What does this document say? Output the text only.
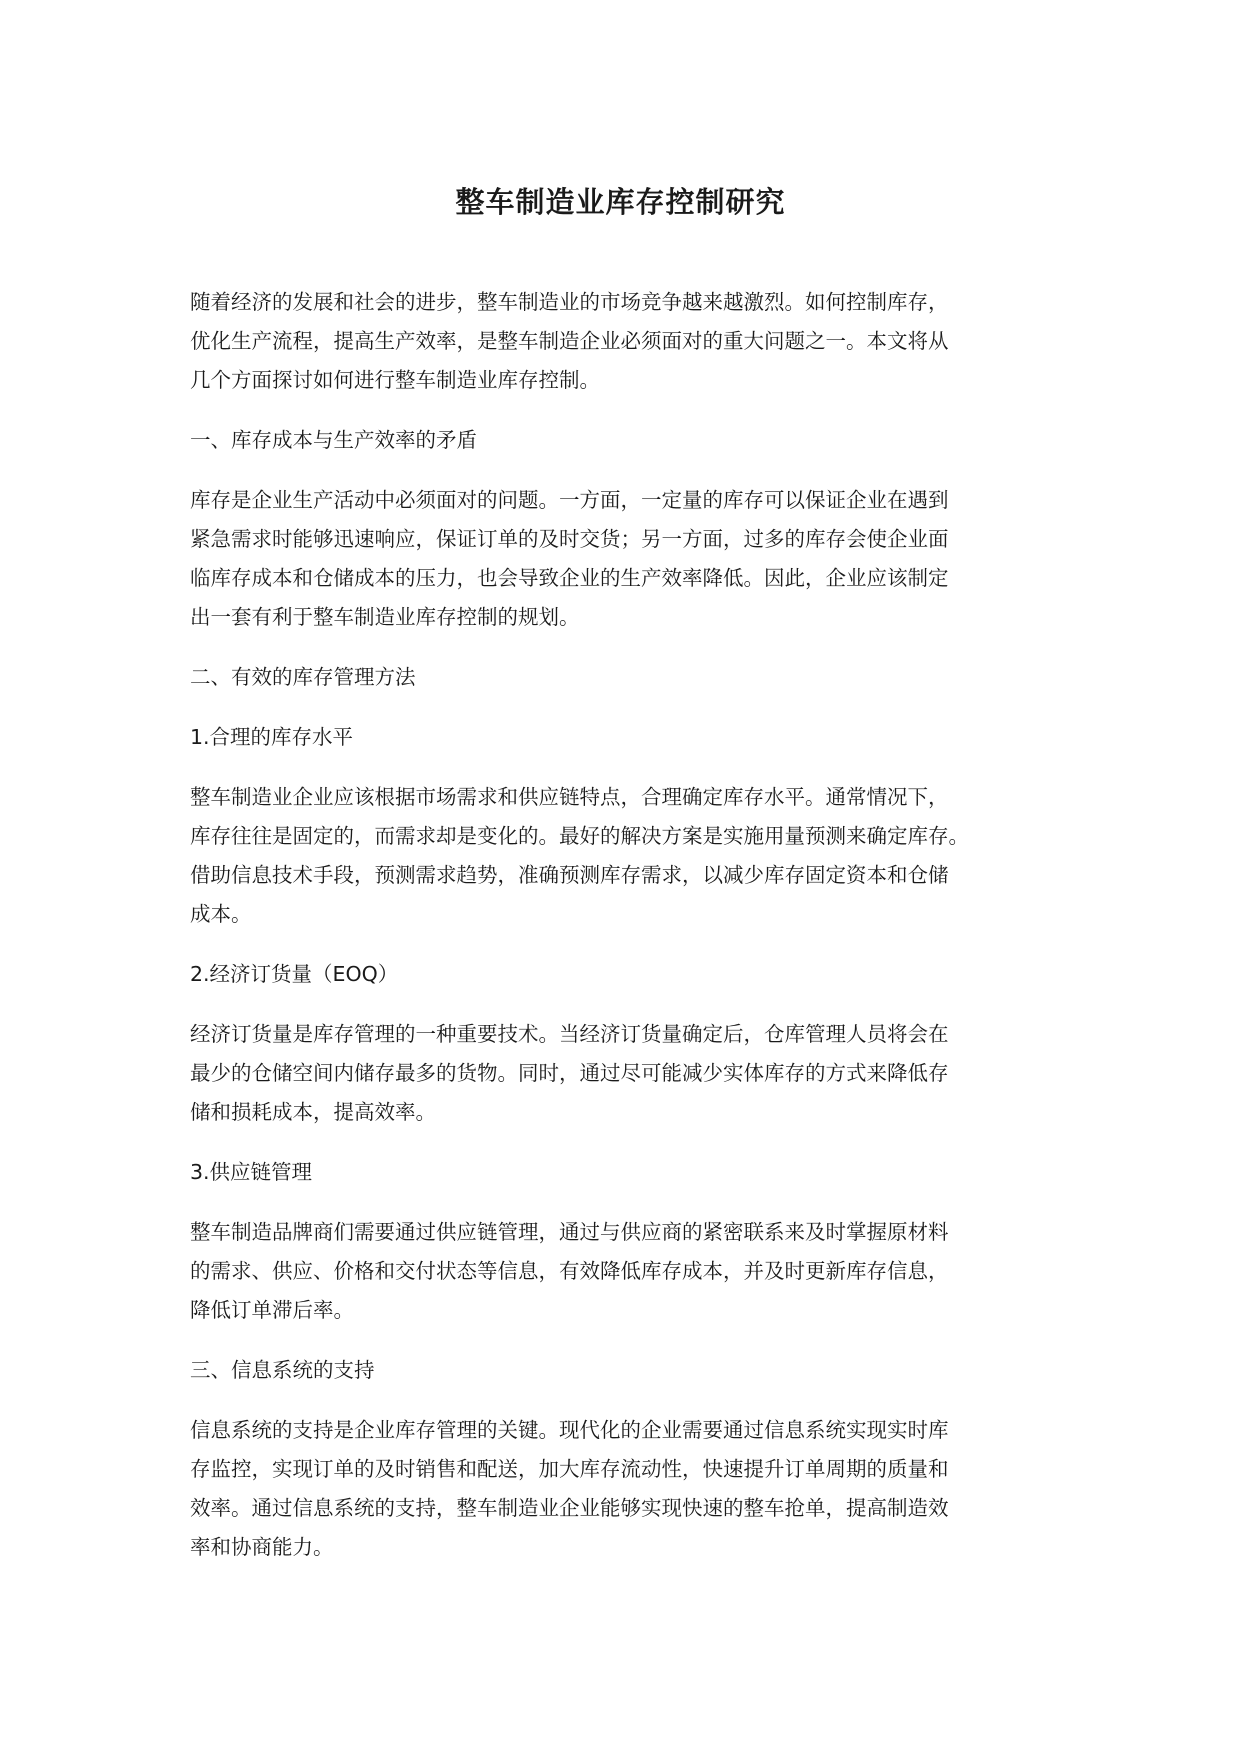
整车制造业库存控制研究
随着经济的发展和社会的进步，整车制造业的市场竞争越来越激烈。如何控制库存，
优化生产流程，提高生产效率，是整车制造企业必须面对的重大问题之一。本文将从
几个方面探讨如何进行整车制造业库存控制。
一、库存成本与生产效率的矛盾
库存是企业生产活动中必须面对的问题。一方面，一定量的库存可以保证企业在遇到
紧急需求时能够迅速响应，保证订单的及时交货；另一方面，过多的库存会使企业面
临库存成本和仓储成本的压力，也会导致企业的生产效率降低。因此，企业应该制定
出一套有利于整车制造业库存控制的规划。
二、有效的库存管理方法
1.合理的库存水平
整车制造业企业应该根据市场需求和供应链特点，合理确定库存水平。通常情况下，
库存往往是固定的，而需求却是变化的。最好的解决方案是实施用量预测来确定库存。
借助信息技术手段，预测需求趋势，准确预测库存需求，以减少库存固定资本和仓储
成本。
2.经济订货量（EOQ）
经济订货量是库存管理的一种重要技术。当经济订货量确定后，仓库管理人员将会在
最少的仓储空间内储存最多的货物。同时，通过尽可能减少实体库存的方式来降低存
储和损耗成本，提高效率。
3.供应链管理
整车制造品牌商们需要通过供应链管理，通过与供应商的紧密联系来及时掌握原材料
的需求、供应、价格和交付状态等信息，有效降低库存成本，并及时更新库存信息，
降低订单滞后率。
三、信息系统的支持
信息系统的支持是企业库存管理的关键。现代化的企业需要通过信息系统实现实时库
存监控，实现订单的及时销售和配送，加大库存流动性，快速提升订单周期的质量和
效率。通过信息系统的支持，整车制造业企业能够实现快速的整车抢单，提高制造效
率和协商能力。
